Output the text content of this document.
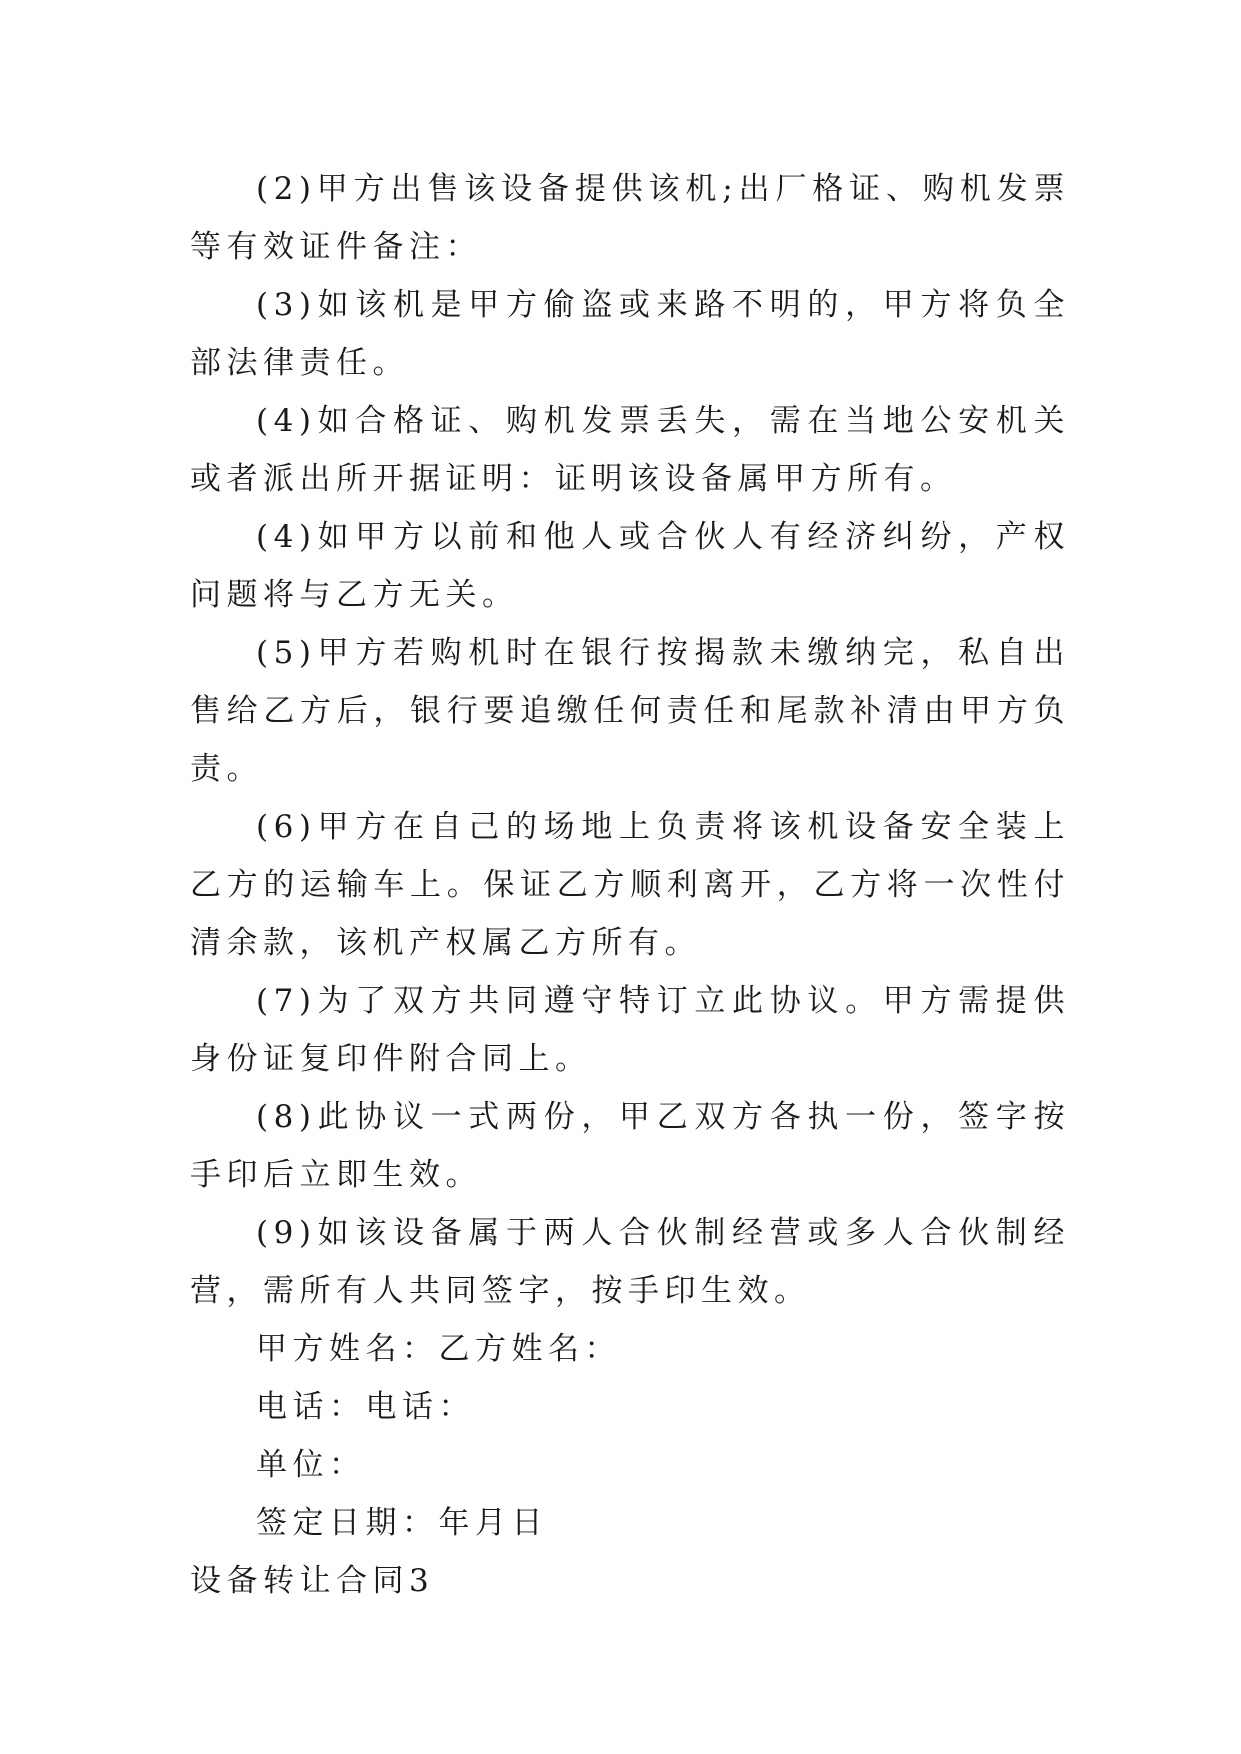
(2)甲方出售该设备提供该机;出厂格证、购机发票等有效证件备注：

(3)如该机是甲方偷盗或来路不明的，甲方将负全部法律责任。

(4)如合格证、购机发票丢失，需在当地公安机关或者派出所开据证明：证明该设备属甲方所有。

(4)如甲方以前和他人或合伙人有经济纠纷，产权问题将与乙方无关。

(5)甲方若购机时在银行按揭款未缴纳完，私自出售给乙方后，银行要追缴任何责任和尾款补清由甲方负责。

(6)甲方在自己的场地上负责将该机设备安全装上乙方的运输车上。保证乙方顺利离开，乙方将一次性付清余款，该机产权属乙方所有。

(7)为了双方共同遵守特订立此协议。甲方需提供身份证复印件附合同上。

(8)此协议一式两份，甲乙双方各执一份，签字按手印后立即生效。

(9)如该设备属于两人合伙制经营或多人合伙制经营，需所有人共同签字，按手印生效。

甲方姓名：乙方姓名：

电话：电话：

单位：

签定日期：年月日

设备转让合同3
